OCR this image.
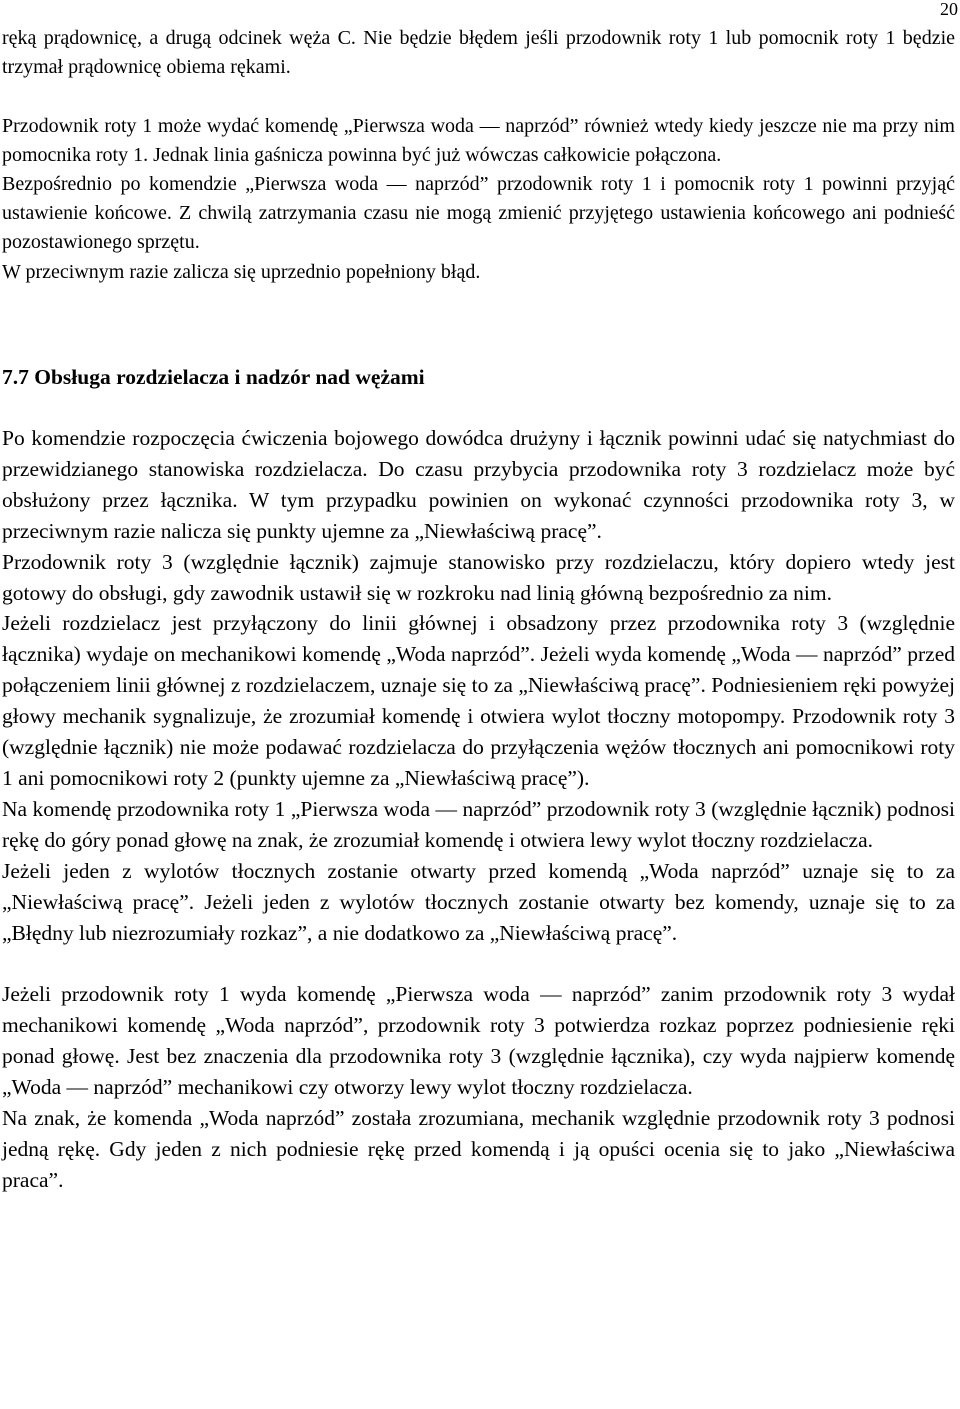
20
ręką prądownicę, a drugą odcinek węża C. Nie będzie błędem jeśli przodownik roty 1 lub pomocnik roty 1 będzie trzymał prądownicę obiema rękami.
Przodownik roty 1 może wydać komendę „Pierwsza woda — naprzód” również wtedy kiedy jeszcze nie ma przy nim pomocnika roty 1. Jednak linia gaśnicza powinna być już wówczas całkowicie połączona.
Bezpośrednio po komendzie „Pierwsza woda — naprzód” przodownik roty 1 i pomocnik roty 1 powinni przyjąć ustawienie końcowe. Z chwilą zatrzymania czasu nie mogą zmienić przyjętego ustawienia końcowego ani podnieść pozostawionego sprzętu.
W przeciwnym razie zalicza się uprzednio popełniony błąd.
7.7 Obsługa rozdzielacza i nadzór nad wężami
Po komendzie rozpoczęcia ćwiczenia bojowego dowódca drużyny i łącznik powinni udać się natychmiast do przewidzianego stanowiska rozdzielacza. Do czasu przybycia przodownika roty 3 rozdzielacz może być obsłużony przez łącznika. W tym przypadku powinien on wykonać czynności przodownika roty 3, w przeciwnym razie nalicza się punkty ujemne za „Niewłaściwą pracę”.
Przodownik roty 3 (względnie łącznik) zajmuje stanowisko przy rozdzielaczu, który dopiero wtedy jest gotowy do obsługi, gdy zawodnik ustawił się w rozkroku nad linią główną bezpośrednio za nim.
Jeżeli rozdzielacz jest przyłączony do linii głównej i obsadzony przez przodownika roty 3 (względnie łącznika) wydaje on mechanikowi komendę „Woda naprzód”. Jeżeli wyda komendę „Woda — naprzód” przed połączeniem linii głównej z rozdzielaczem, uznaje się to za „Niewłaściwą pracę”. Podniesieniem ręki powyżej głowy mechanik sygnalizuje, że zrozumiał komendę i otwiera wylot tłoczny motopompy. Przodownik roty 3 (względnie łącznik) nie może podawać rozdzielacza do przyłączenia wężów tłocznych ani pomocnikowi roty 1 ani pomocnikowi roty 2 (punkty ujemne za „Niewłaściwą pracę”).
Na komendę przodownika roty 1 „Pierwsza woda — naprzód” przodownik roty 3 (względnie łącznik) podnosi rękę do góry ponad głowę na znak, że zrozumiał komendę i otwiera lewy wylot tłoczny rozdzielacza.
Jeżeli jeden z wylotów tłocznych zostanie otwarty przed komendą „Woda naprzód” uznaje się to za „Niewłaściwą pracę”. Jeżeli jeden z wylotów tłocznych zostanie otwarty bez komendy, uznaje się to za „Błędny lub niezrozumiały rozkaz”, a nie dodatkowo za „Niewłaściwą pracę”.
Jeżeli przodownik roty 1 wyda komendę „Pierwsza woda — naprzód” zanim przodownik roty 3 wydał mechanikowi komendę „Woda naprzód”, przodownik roty 3 potwierdza rozkaz poprzez podniesienie ręki ponad głowę. Jest bez znaczenia dla przodownika roty 3 (względnie łącznika), czy wyda najpierw komendę „Woda — naprzód” mechanikowi czy otworzy lewy wylot tłoczny rozdzielacza.
Na znak, że komenda „Woda naprzód” została zrozumiana, mechanik względnie przodownik roty 3 podnosi jedną rękę. Gdy jeden z nich podniesie rękę przed komendą i ją opuści ocenia się to jako „Niewłaściwa praca”.
